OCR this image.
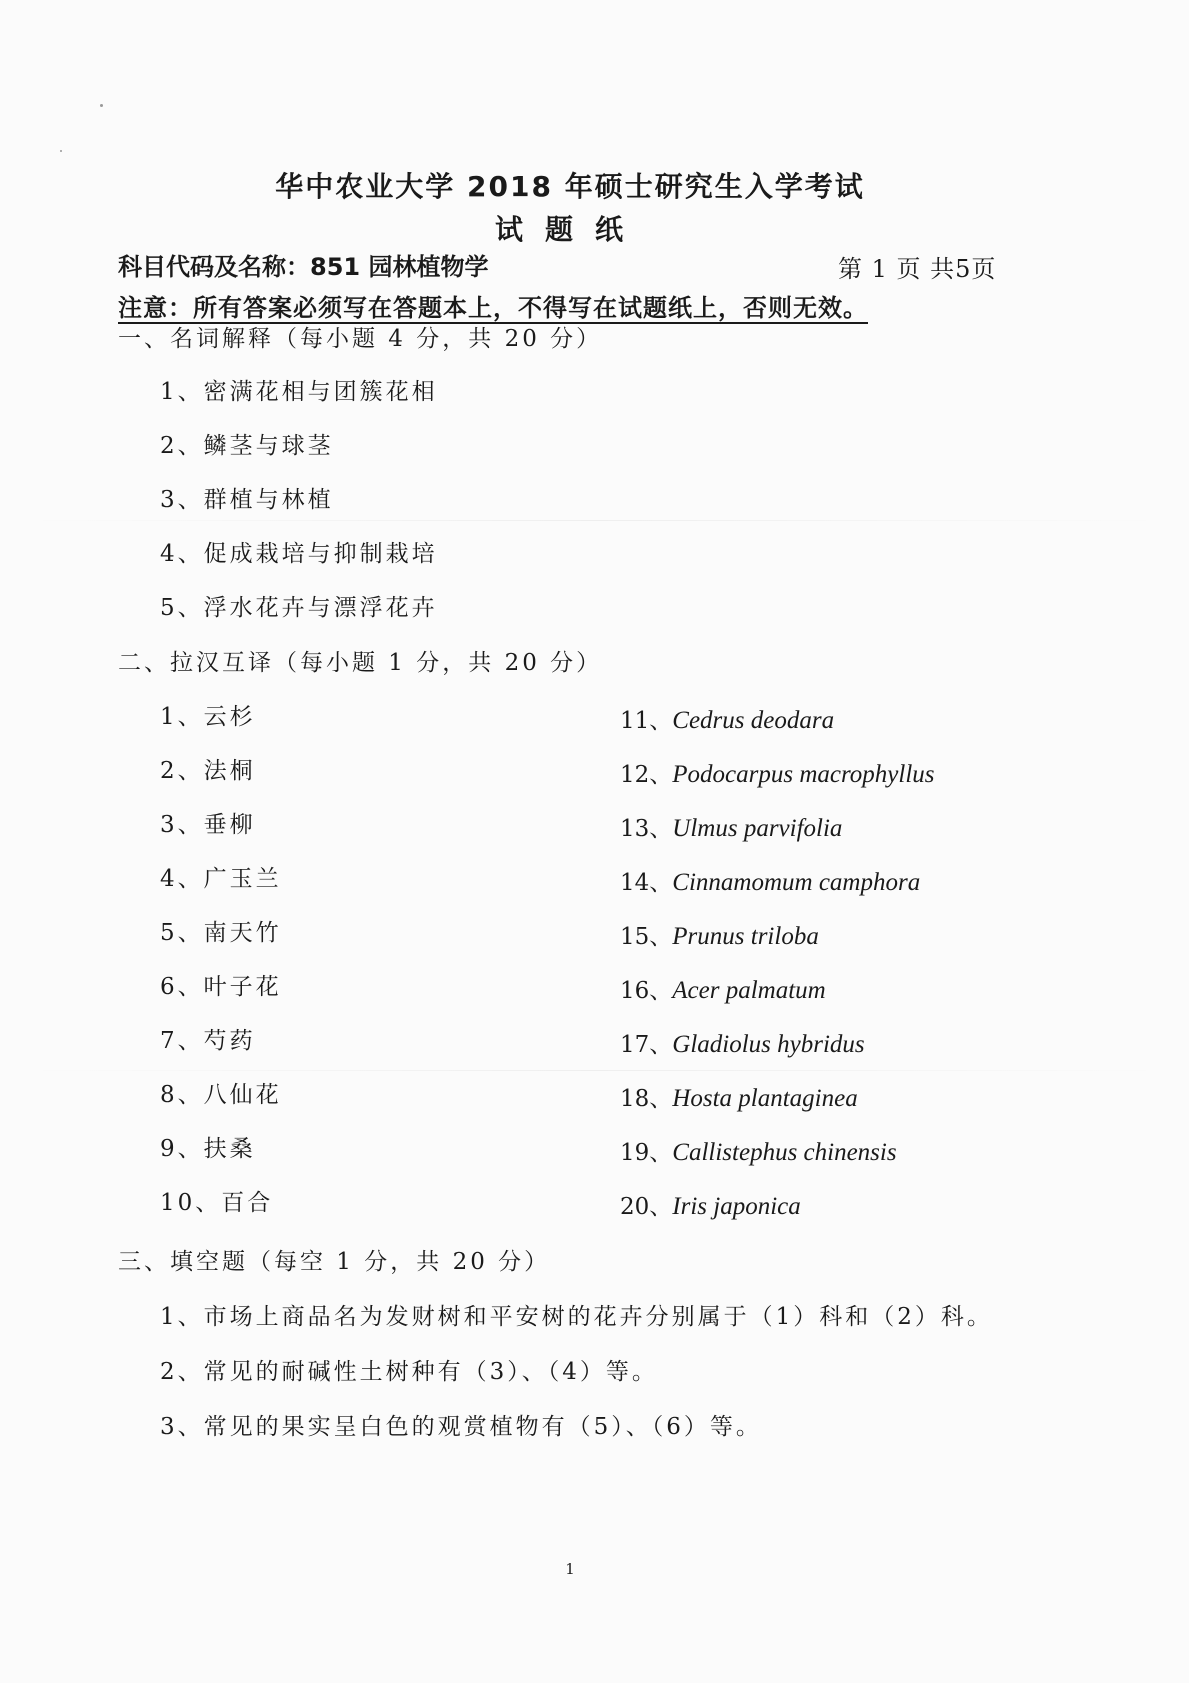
华中农业大学 2018 年硕士研究生入学考试
试题纸
科目代码及名称：851 园林植物学	第 1 页 共5页
注意：所有答案必须写在答题本上，不得写在试题纸上，否则无效。
一、名词解释（每小题 4 分，共 20 分）
1、密满花相与团簇花相
2、鳞茎与球茎
3、群植与林植
4、促成栽培与抑制栽培
5、浮水花卉与漂浮花卉
二、拉汉互译（每小题 1 分，共 20 分）
1、云杉
2、法桐
3、垂柳
4、广玉兰
5、南天竹
6、叶子花
7、芍药
8、八仙花
9、扶桑
10、百合
11、Cedrus deodara
12、Podocarpus macrophyllus
13、Ulmus parvifolia
14、Cinnamomum camphora
15、Prunus triloba
16、Acer palmatum
17、Gladiolus hybridus
18、Hosta plantaginea
19、Callistephus chinensis
20、Iris japonica
三、填空题（每空 1 分，共 20 分）
1、市场上商品名为发财树和平安树的花卉分别属于（1）科和（2）科。
2、常见的耐碱性土树种有（3）、（4）等。
3、常见的果实呈白色的观赏植物有（5）、（6）等。
1
